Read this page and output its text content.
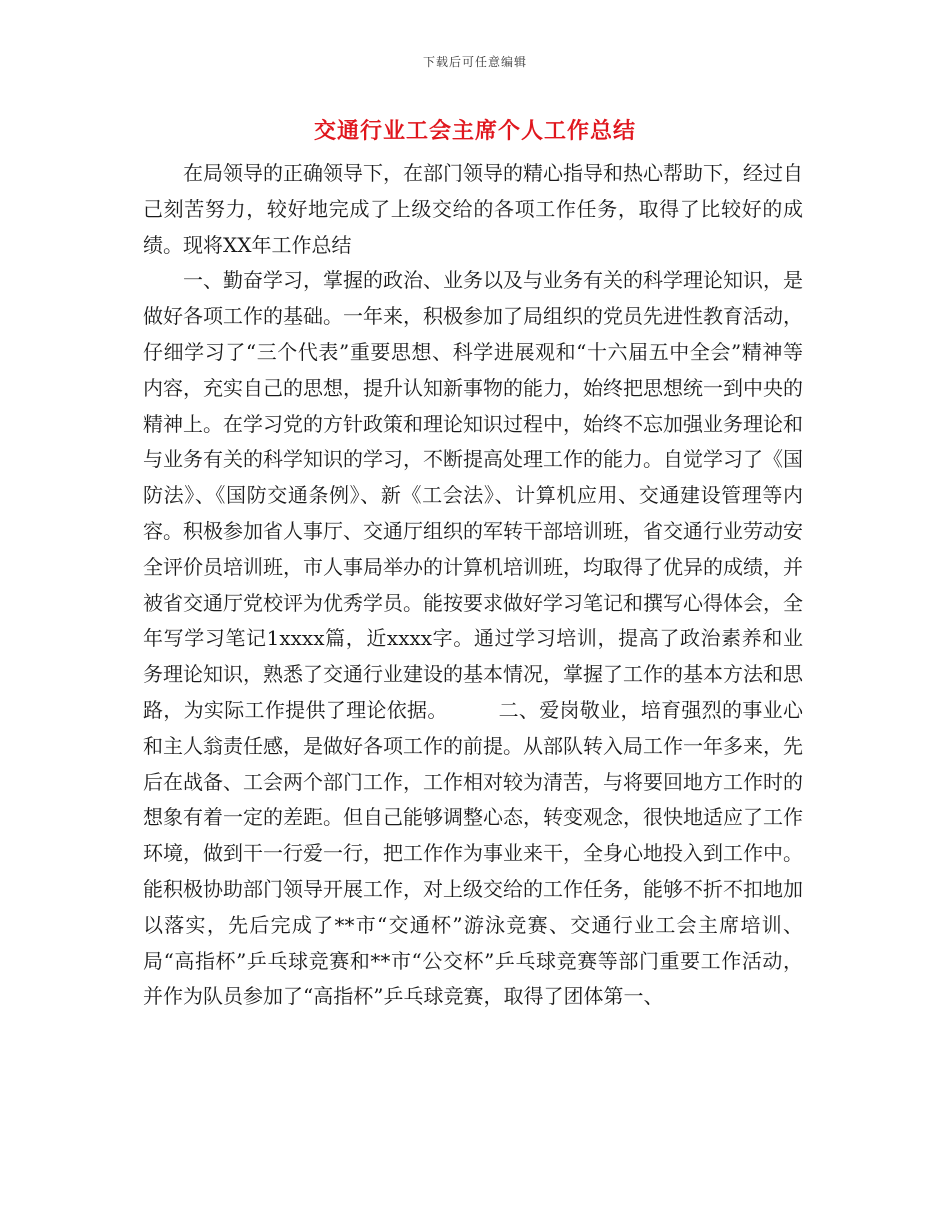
下载后可任意编辑
交通行业工会主席个人工作总结

在局领导的正确领导下，在部门领导的精心指导和热心帮助下，经过自己刻苦努力，较好地完成了上级交给的各项工作任务，取得了比较好的成绩。现将XX年工作总结

一、勤奋学习，掌握的政治、业务以及与业务有关的科学理论知识，是做好各项工作的基础。一年来，积极参加了局组织的党员先进性教育活动，仔细学习了“三个代表”重要思想、科学进展观和“十六届五中全会”精神等内容，充实自己的思想，提升认知新事物的能力，始终把思想统一到中央的精神上。在学习党的方针政策和理论知识过程中，始终不忘加强业务理论和与业务有关的科学知识的学习，不断提高处理工作的能力。自觉学习了《国防法》、《国防交通条例》、新《工会法》、计算机应用、交通建设管理等内容。积极参加省人事厅、交通厅组织的军转干部培训班，省交通行业劳动安全评价员培训班，市人事局举办的计算机培训班，均取得了优异的成绩，并被省交通厅党校评为优秀学员。能按要求做好学习笔记和撰写心得体会，全年写学习笔记1xxxx篇，近xxxx字。通过学习培训，提高了政治素养和业务理论知识，熟悉了交通行业建设的基本情况，掌握了工作的基本方法和思路，为实际工作提供了理论依据。　　　二、爱岗敬业，培育强烈的事业心和主人翁责任感，是做好各项工作的前提。从部队转入局工作一年多来，先后在战备、工会两个部门工作，工作相对较为清苦，与将要回地方工作时的想象有着一定的差距。但自己能够调整心态，转变观念，很快地适应了工作环境，做到干一行爱一行，把工作作为事业来干，全身心地投入到工作中。能积极协助部门领导开展工作，对上级交给的工作任务，能够不折不扣地加以落实，先后完成了**市“交通杯”游泳竞赛、交通行业工会主席培训、局“高指杯”乒乓球竞赛和**市“公交杯”乒乓球竞赛等部门重要工作活动，并作为队员参加了“高指杯”乒乓球竞赛，取得了团体第一、
